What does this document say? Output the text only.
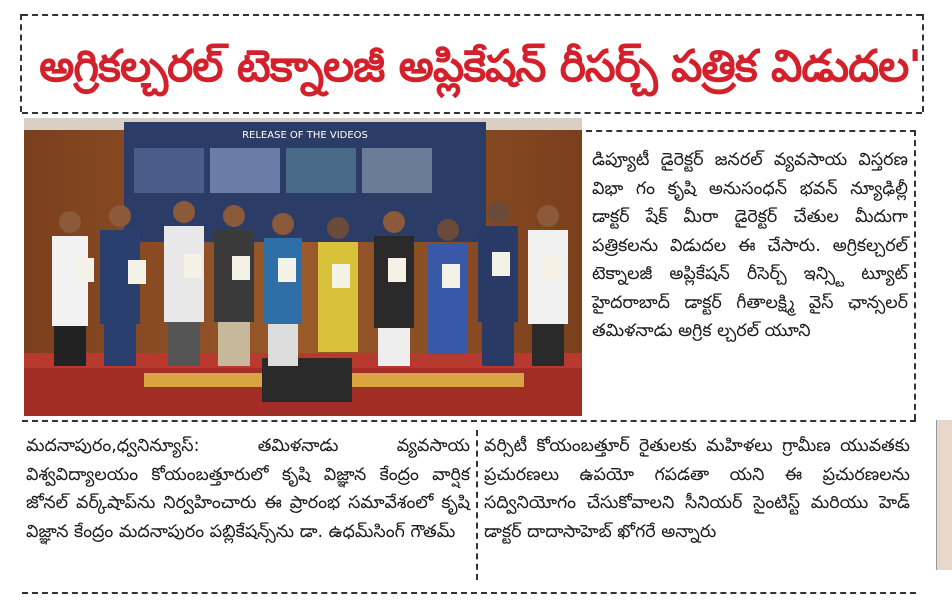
అగ్రికల్చరల్ టెక్నాలజీ అప్లికేషన్ రీసర్చ్ పత్రిక విడుదల'
RELEASE OF THE VIDEOS

డిప్యూటీ డైరెక్టర్ జనరల్ వ్యవసాయ విస్తరణ విభా గం కృషి అనుసంధన్ భవన్ న్యూఢిల్లీ డాక్టర్ షేక్ మీరా డైరెక్టర్ చేతుల మీదుగా పత్రికలను విడుదల ఈ చేసారు. అగ్రికల్చరల్ టెక్నాలజీ అప్లికేషన్ రీసెర్చ్ ఇన్స్టి ట్యూట్ హైదరాబాద్ డాక్టర్ గీతాలక్ష్మి వైస్ ఛాన్సలర్ తమిళనాడు అగ్రిక ల్చరల్ యూని

మదనాపురం,ధ్వనిన్యూస్: తమిళనాడు వ్యవసాయ విశ్వవిద్యాలయం కోయంబత్తూరులో కృషి విజ్ఞాన కేంద్రం వార్షిక జోనల్ వర్క్‌షాప్‌ను నిర్వహించారు ఈ ప్రారంభ సమావేశంలో కృషి విజ్ఞాన కేంద్రం మదనాపురం పబ్లికేషన్స్‌ను డా. ఉధమ్‌సింగ్ గౌతమ్

వర్సిటీ కోయంబత్తూర్ రైతులకు మహిళలు గ్రామీణ యువతకు ప్రచురణలు ఉపయో గపడతా యని ఈ ప్రచురణలను సద్వినియోగం చేసుకోవాలని సీనియర్ సైంటిస్ట్ మరియు హెడ్ డాక్టర్ దాదాసాహెబ్ ఖోగరే అన్నారు
